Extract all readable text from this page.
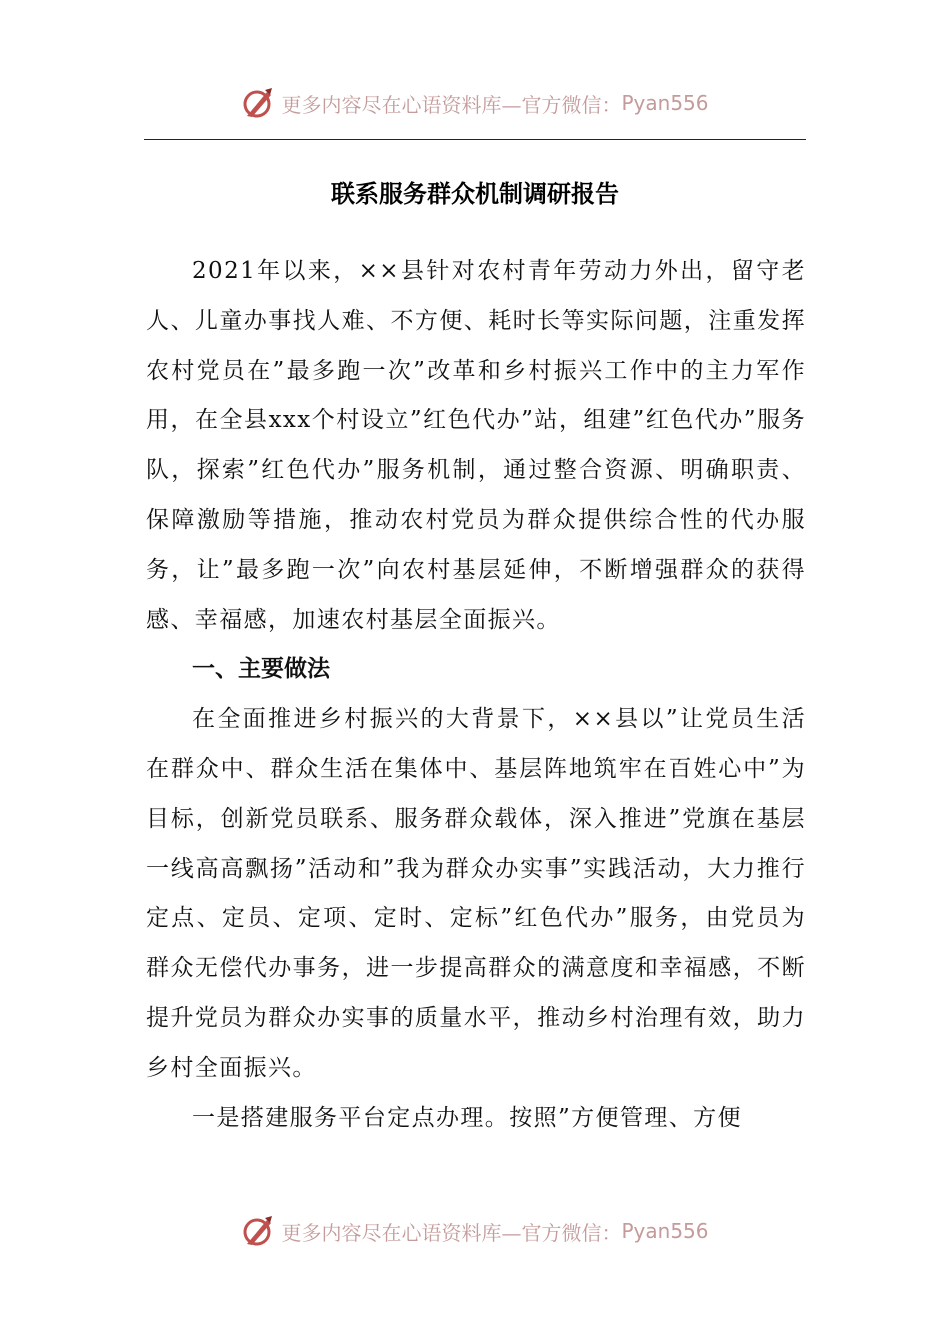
更多内容尽在心语资料库—官方微信： Pyan556
联系服务群众机制调研报告

2021年以来，××县针对农村青年劳动力外出，留守老人、儿童办事找人难、不方便、耗时长等实际问题，注重发挥农村党员在”最多跑一次”改革和乡村振兴工作中的主力军作用，在全县xxx个村设立”红色代办”站，组建”红色代办”服务队，探索”红色代办”服务机制，通过整合资源、明确职责、保障激励等措施，推动农村党员为群众提供综合性的代办服务，让”最多跑一次”向农村基层延伸，不断增强群众的获得感、幸福感，加速农村基层全面振兴。

一、主要做法

在全面推进乡村振兴的大背景下，××县以”让党员生活在群众中、群众生活在集体中、基层阵地筑牢在百姓心中”为目标，创新党员联系、服务群众载体，深入推进”党旗在基层一线高高飘扬”活动和”我为群众办实事”实践活动，大力推行定点、定员、定项、定时、定标”红色代办”服务，由党员为群众无偿代办事务，进一步提高群众的满意度和幸福感，不断提升党员为群众办实事的质量水平，推动乡村治理有效，助力乡村全面振兴。

一是搭建服务平台定点办理。按照”方便管理、方便

更多内容尽在心语资料库—官方微信： Pyan556
